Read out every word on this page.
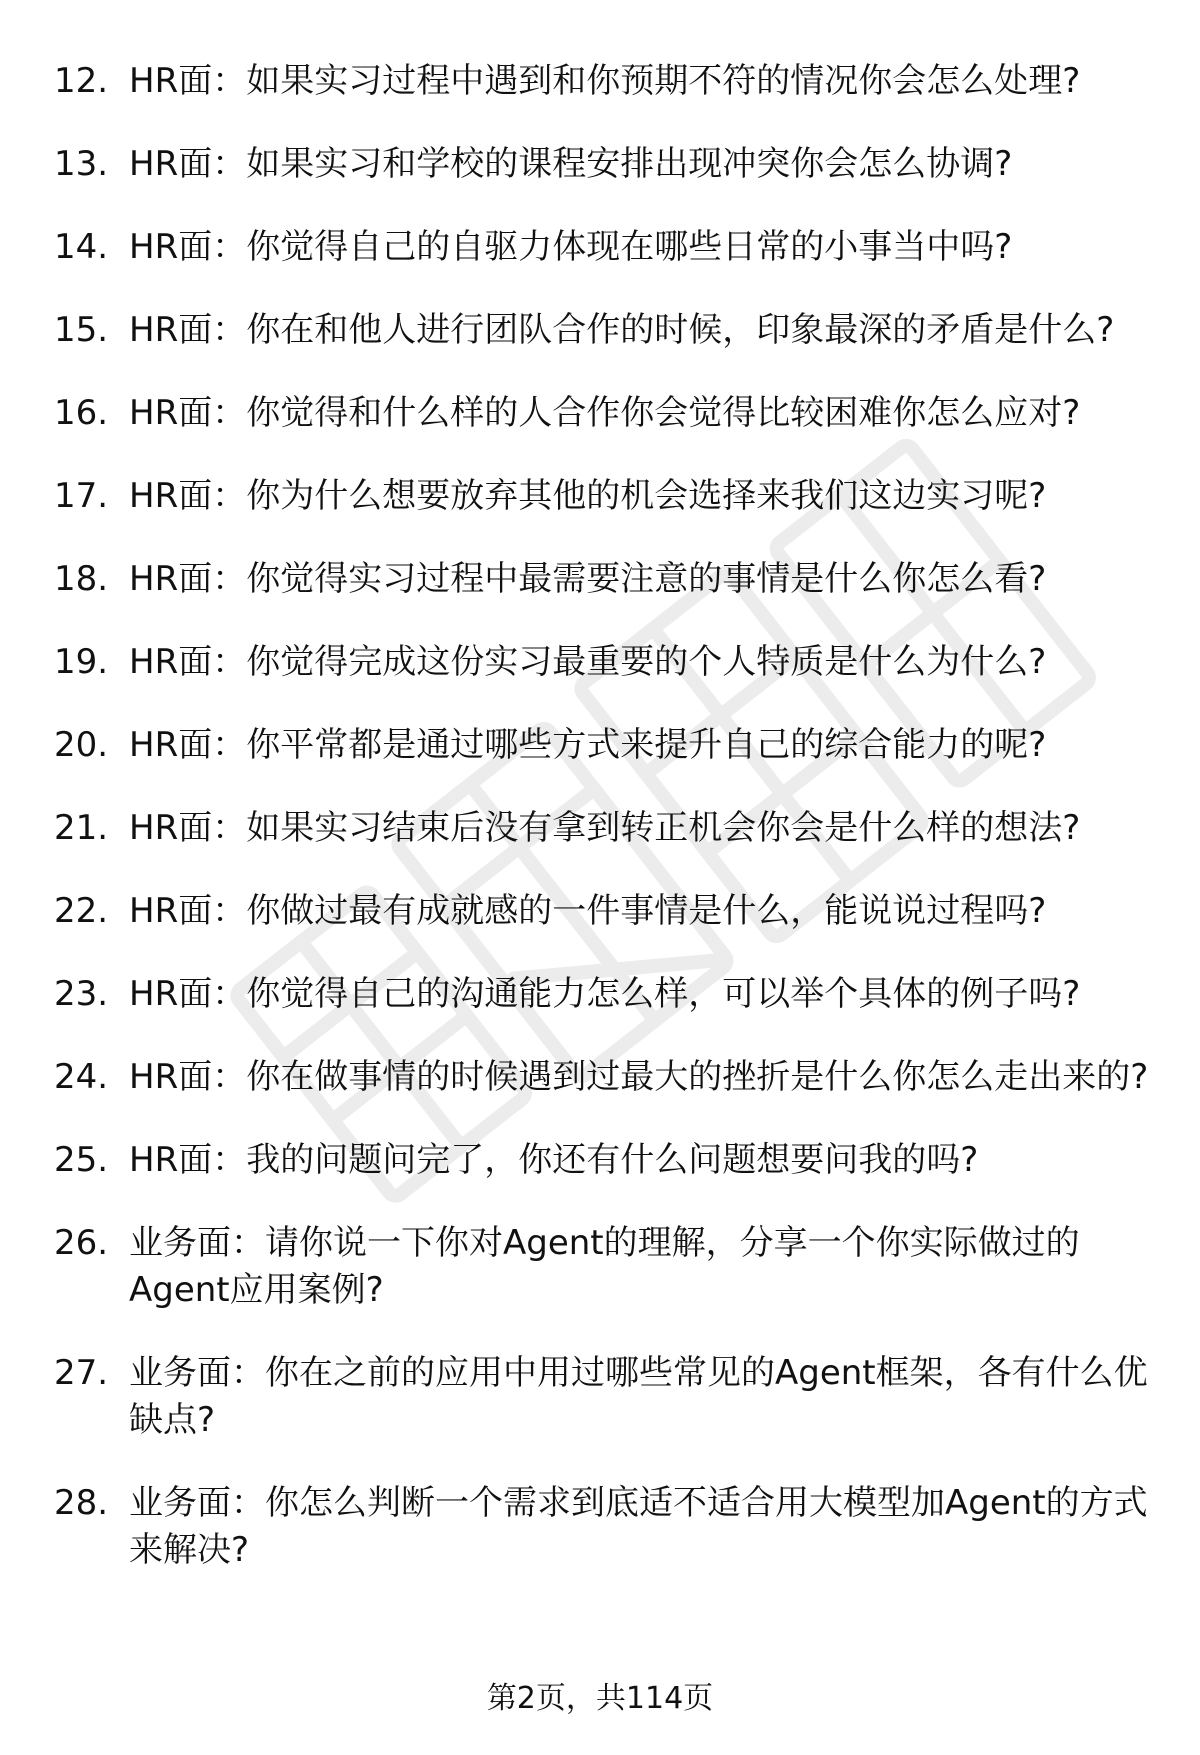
12. HR面：如果实习过程中遇到和你预期不符的情况你会怎么处理?
13. HR面：如果实习和学校的课程安排出现冲突你会怎么协调?
14. HR面：你觉得自己的自驱力体现在哪些日常的小事当中吗?
15. HR面：你在和他人进行团队合作的时候，印象最深的矛盾是什么?
16. HR面：你觉得和什么样的人合作你会觉得比较困难你怎么应对?
17. HR面：你为什么想要放弃其他的机会选择来我们这边实习呢?
18. HR面：你觉得实习过程中最需要注意的事情是什么你怎么看?
19. HR面：你觉得完成这份实习最重要的个人特质是什么为什么?
20. HR面：你平常都是通过哪些方式来提升自己的综合能力的呢?
21. HR面：如果实习结束后没有拿到转正机会你会是什么样的想法?
22. HR面：你做过最有成就感的一件事情是什么，能说说过程吗?
23. HR面：你觉得自己的沟通能力怎么样，可以举个具体的例子吗?
24. HR面：你在做事情的时候遇到过最大的挫折是什么你怎么走出来的?
25. HR面：我的问题问完了，你还有什么问题想要问我的吗?
26. 业务面：请你说一下你对Agent的理解，分享一个你实际做过的Agent应用案例?
27. 业务面：你在之前的应用中用过哪些常见的Agent框架，各有什么优缺点?
28. 业务面：你怎么判断一个需求到底适不适合用大模型加Agent的方式来解决?
第2页，共114页
